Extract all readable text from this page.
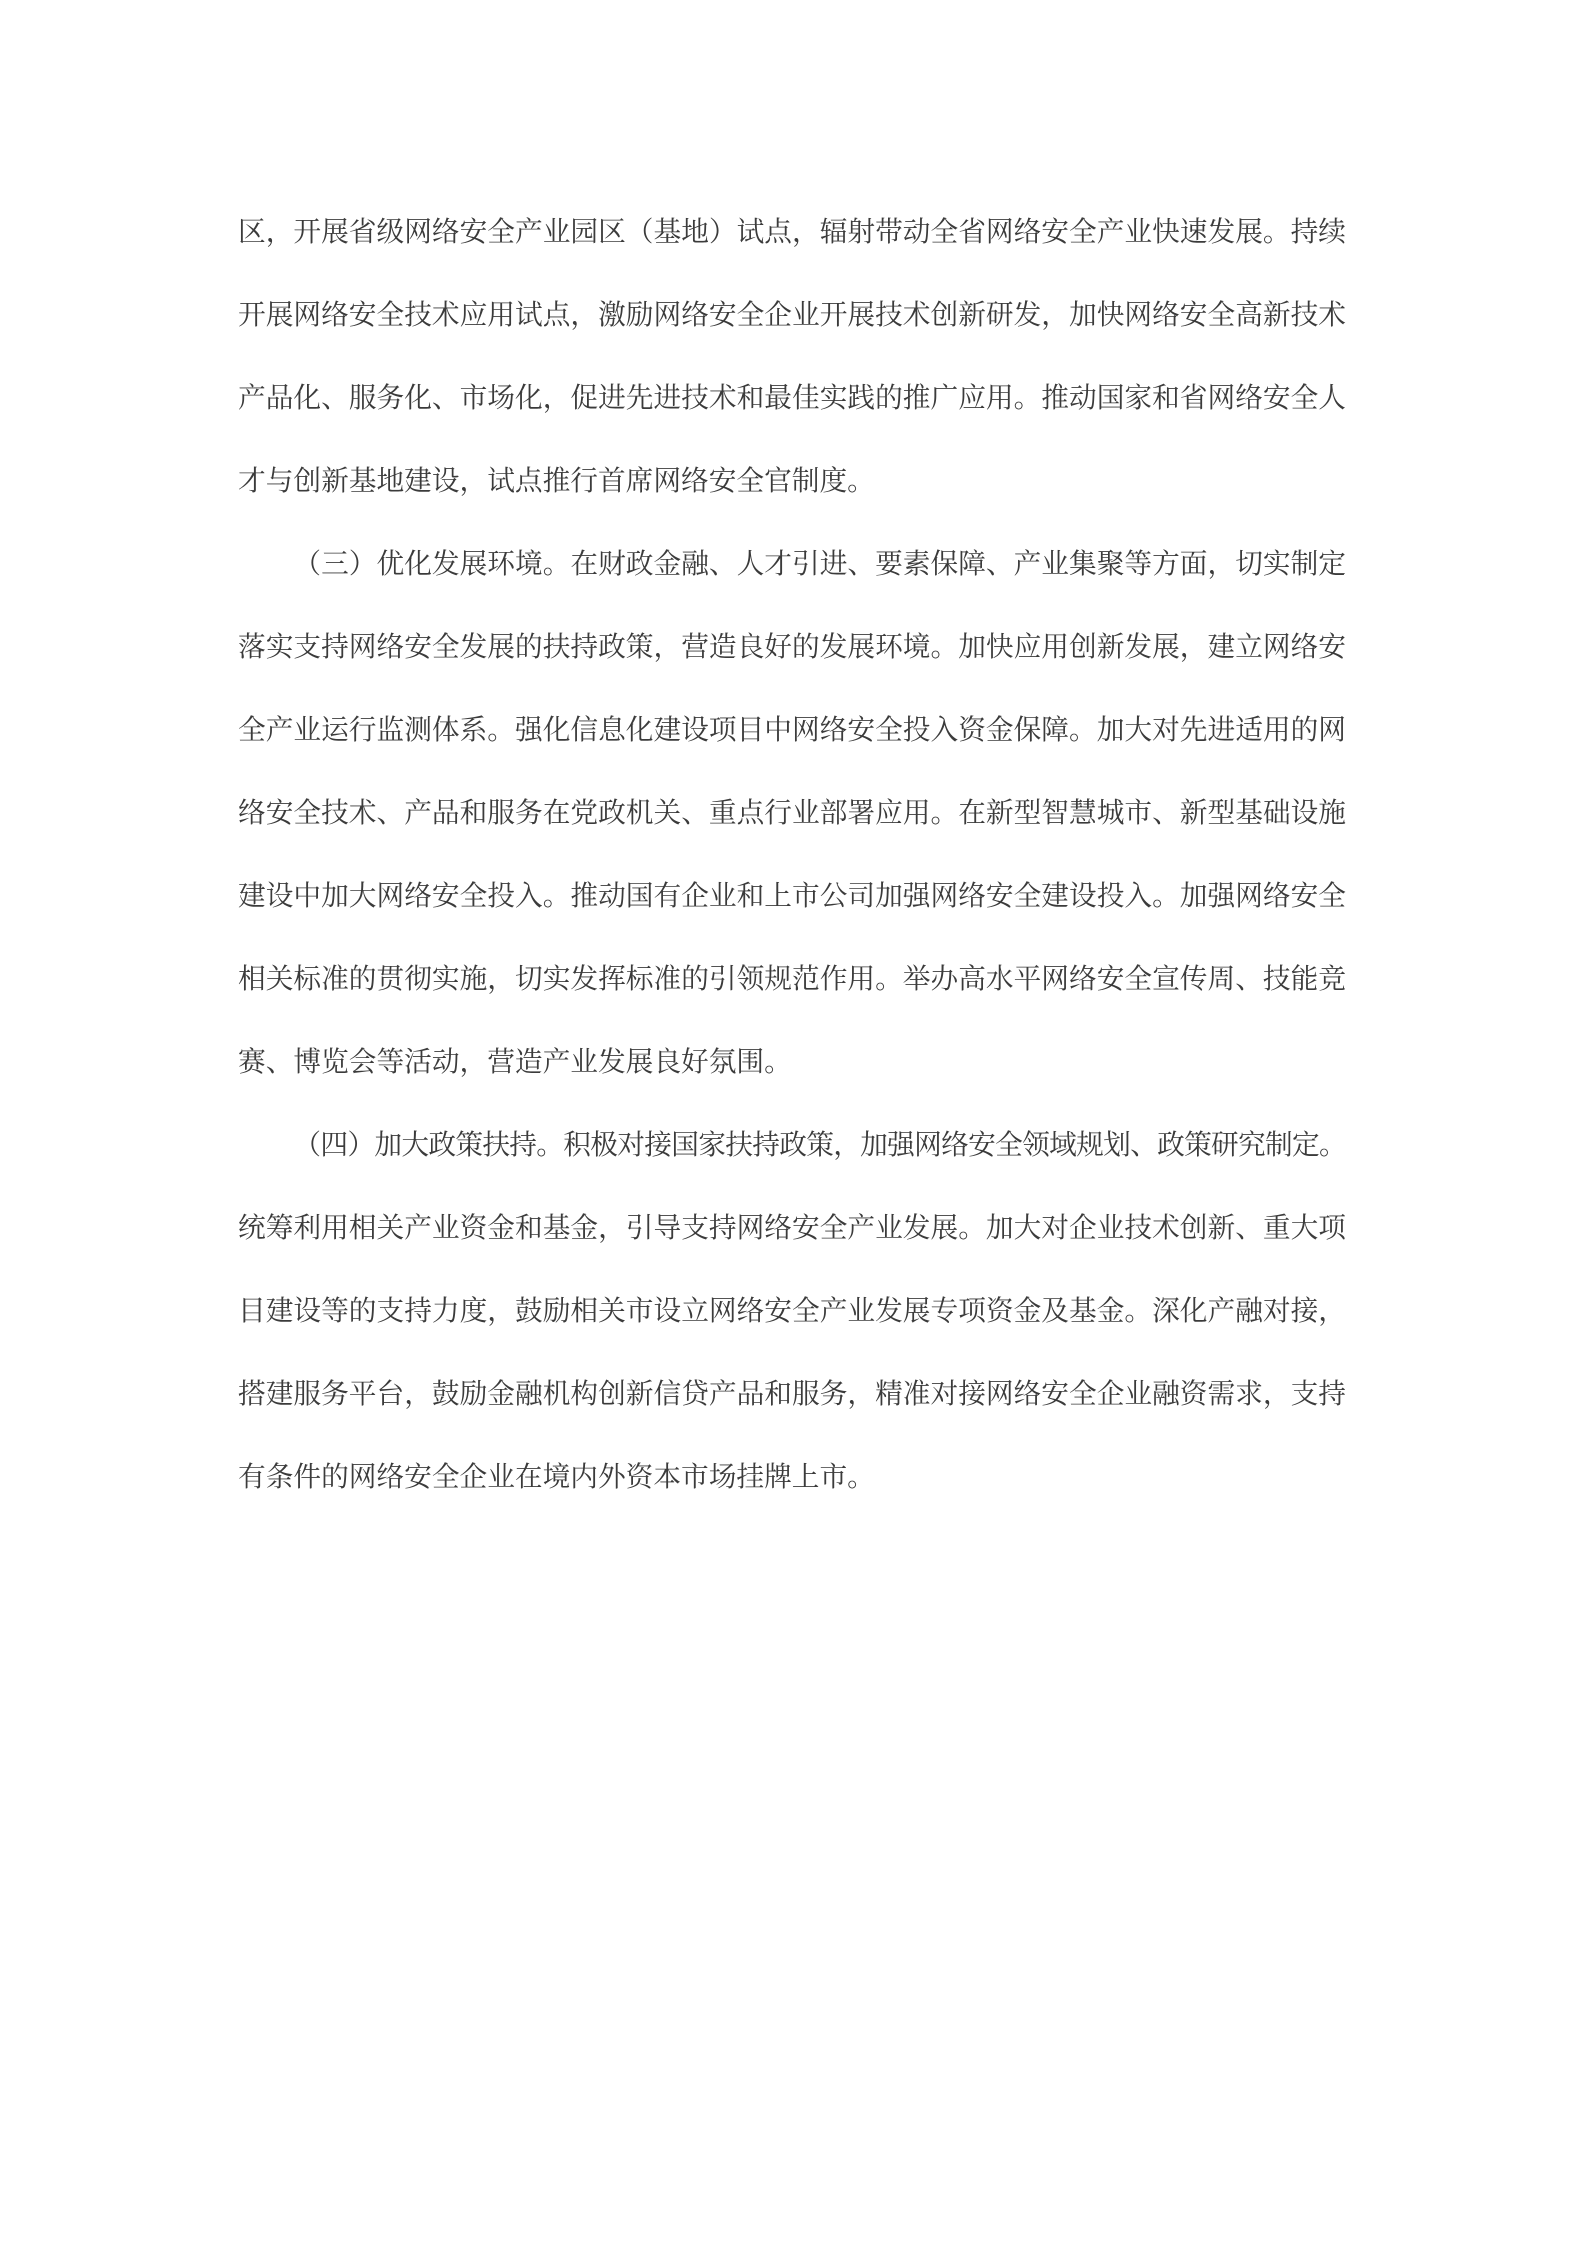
区，开展省级网络安全产业园区（基地）试点，辐射带动全省网络安全产业快速发展。持续
开展网络安全技术应用试点，激励网络安全企业开展技术创新研发，加快网络安全高新技术
产品化、服务化、市场化，促进先进技术和最佳实践的推广应用。推动国家和省网络安全人
才与创新基地建设，试点推行首席网络安全官制度。
（三）优化发展环境。在财政金融、人才引进、要素保障、产业集聚等方面，切实制定
落实支持网络安全发展的扶持政策，营造良好的发展环境。加快应用创新发展，建立网络安
全产业运行监测体系。强化信息化建设项目中网络安全投入资金保障。加大对先进适用的网
络安全技术、产品和服务在党政机关、重点行业部署应用。在新型智慧城市、新型基础设施
建设中加大网络安全投入。推动国有企业和上市公司加强网络安全建设投入。加强网络安全
相关标准的贯彻实施，切实发挥标准的引领规范作用。举办高水平网络安全宣传周、技能竞
赛、博览会等活动，营造产业发展良好氛围。
（四）加大政策扶持。积极对接国家扶持政策，加强网络安全领域规划、政策研究制定。
统筹利用相关产业资金和基金，引导支持网络安全产业发展。加大对企业技术创新、重大项
目建设等的支持力度，鼓励相关市设立网络安全产业发展专项资金及基金。深化产融对接，
搭建服务平台，鼓励金融机构创新信贷产品和服务，精准对接网络安全企业融资需求，支持
有条件的网络安全企业在境内外资本市场挂牌上市。
